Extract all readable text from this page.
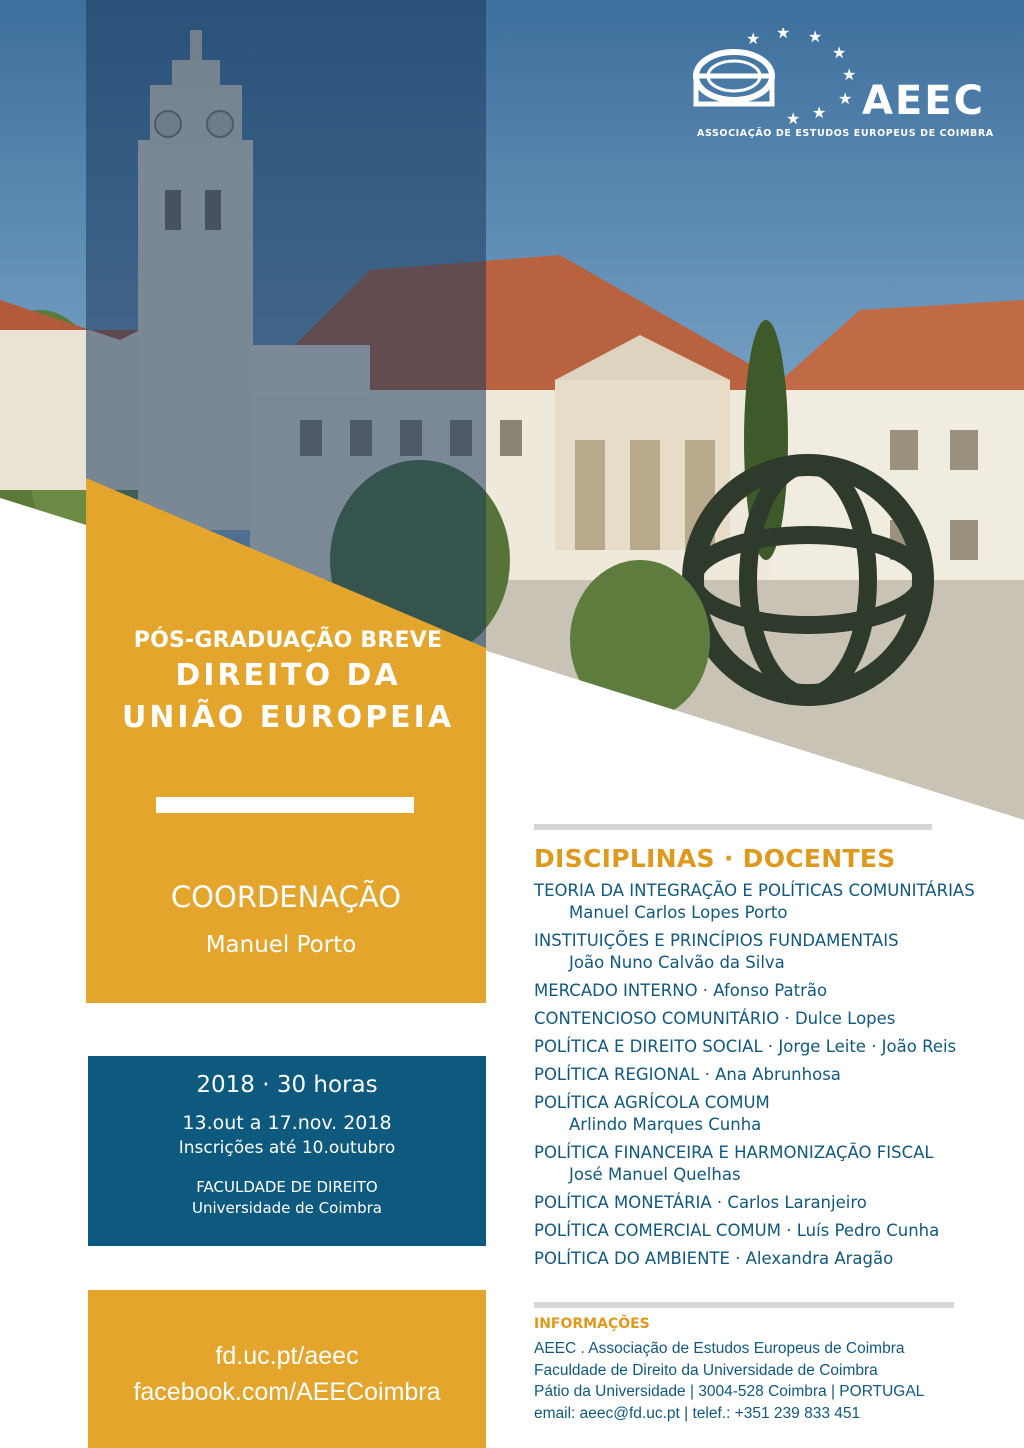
★ ★ ★
★
★
★
★
★ AEEC
ASSOCIAÇÃO DE ESTUDOS EUROPEUS DE COIMBRA
PÓS-GRADUAÇÃO BREVE
DIREITO DA
UNIÃO EUROPEIA
COORDENAÇÃO
Manuel Porto
2018 · 30 horas
13.out a 17.nov. 2018
Inscrições até 10.outubro
FACULDADE DE DIREITO
Universidade de Coimbra
fd.uc.pt/aeec
facebook.com/AEECoimbra
DISCIPLINAS · DOCENTES
TEORIA DA INTEGRAÇÃO E POLÍTICAS COMUNITÁRIAS
Manuel Carlos Lopes Porto
INSTITUIÇÕES E PRINCÍPIOS FUNDAMENTAIS
João Nuno Calvão da Silva
MERCADO INTERNO · Afonso Patrão
CONTENCIOSO COMUNITÁRIO · Dulce Lopes
POLÍTICA E DIREITO SOCIAL · Jorge Leite · João Reis
POLÍTICA REGIONAL · Ana Abrunhosa
POLÍTICA AGRÍCOLA COMUM
Arlindo Marques Cunha
POLÍTICA FINANCEIRA E HARMONIZAÇÃO FISCAL
José Manuel Quelhas
POLÍTICA MONETÁRIA · Carlos Laranjeiro
POLÍTICA COMERCIAL COMUM · Luís Pedro Cunha
POLÍTICA DO AMBIENTE · Alexandra Aragão
INFORMAÇÕES
AEEC . Associação de Estudos Europeus de Coimbra
Faculdade de Direito da Universidade de Coimbra
Pátio da Universidade | 3004-528 Coimbra | PORTUGAL
email: aeec@fd.uc.pt | telef.: +351 239 833 451
